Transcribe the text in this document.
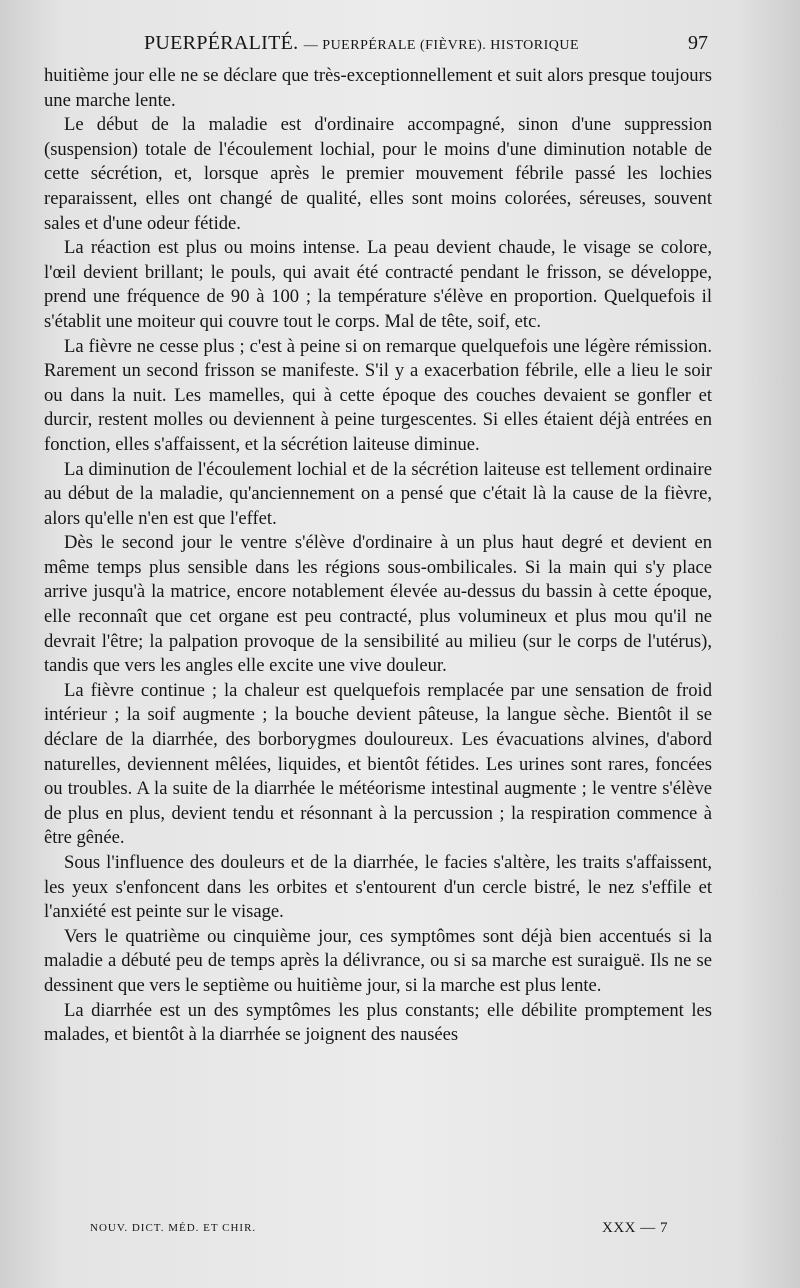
PUERPÉRALITÉ. — PUERPÉRALE (FIÈVRE). HISTORIQUE	97

huitième jour elle ne se déclare que très-exceptionnellement et suit alors presque toujours une marche lente.

Le début de la maladie est d'ordinaire accompagné, sinon d'une suppression (suspension) totale de l'écoulement lochial, pour le moins d'une diminution notable de cette sécrétion, et, lorsque après le premier mouvement fébrile passé les lochies reparaissent, elles ont changé de qualité, elles sont moins colorées, séreuses, souvent sales et d'une odeur fétide.

La réaction est plus ou moins intense. La peau devient chaude, le visage se colore, l'œil devient brillant; le pouls, qui avait été contracté pendant le frisson, se développe, prend une fréquence de 90 à 100 ; la température s'élève en proportion. Quelquefois il s'établit une moiteur qui couvre tout le corps. Mal de tête, soif, etc.

La fièvre ne cesse plus ; c'est à peine si on remarque quelquefois une légère rémission. Rarement un second frisson se manifeste. S'il y a exacerbation fébrile, elle a lieu le soir ou dans la nuit. Les mamelles, qui à cette époque des couches devaient se gonfler et durcir, restent molles ou deviennent à peine turgescentes. Si elles étaient déjà entrées en fonction, elles s'affaissent, et la sécrétion laiteuse diminue.

La diminution de l'écoulement lochial et de la sécrétion laiteuse est tellement ordinaire au début de la maladie, qu'anciennement on a pensé que c'était là la cause de la fièvre, alors qu'elle n'en est que l'effet.

Dès le second jour le ventre s'élève d'ordinaire à un plus haut degré et devient en même temps plus sensible dans les régions sous-ombilicales. Si la main qui s'y place arrive jusqu'à la matrice, encore notablement élevée au-dessus du bassin à cette époque, elle reconnaît que cet organe est peu contracté, plus volumineux et plus mou qu'il ne devrait l'être; la palpation provoque de la sensibilité au milieu (sur le corps de l'utérus), tandis que vers les angles elle excite une vive douleur.

La fièvre continue ; la chaleur est quelquefois remplacée par une sensation de froid intérieur ; la soif augmente ; la bouche devient pâteuse, la langue sèche. Bientôt il se déclare de la diarrhée, des borborygmes douloureux. Les évacuations alvines, d'abord naturelles, deviennent mêlées, liquides, et bientôt fétides. Les urines sont rares, foncées ou troubles. A la suite de la diarrhée le météorisme intestinal augmente ; le ventre s'élève de plus en plus, devient tendu et résonnant à la percussion ; la respiration commence à être gênée.

Sous l'influence des douleurs et de la diarrhée, le facies s'altère, les traits s'affaissent, les yeux s'enfoncent dans les orbites et s'entourent d'un cercle bistré, le nez s'effile et l'anxiété est peinte sur le visage.

Vers le quatrième ou cinquième jour, ces symptômes sont déjà bien accentués si la maladie a débuté peu de temps après la délivrance, ou si sa marche est suraiguë. Ils ne se dessinent que vers le septième ou huitième jour, si la marche est plus lente.

La diarrhée est un des symptômes les plus constants; elle débilite promptement les malades, et bientôt à la diarrhée se joignent des nausées

NOUV. DICT. MÉD. ET CHIR.	XXX — 7
